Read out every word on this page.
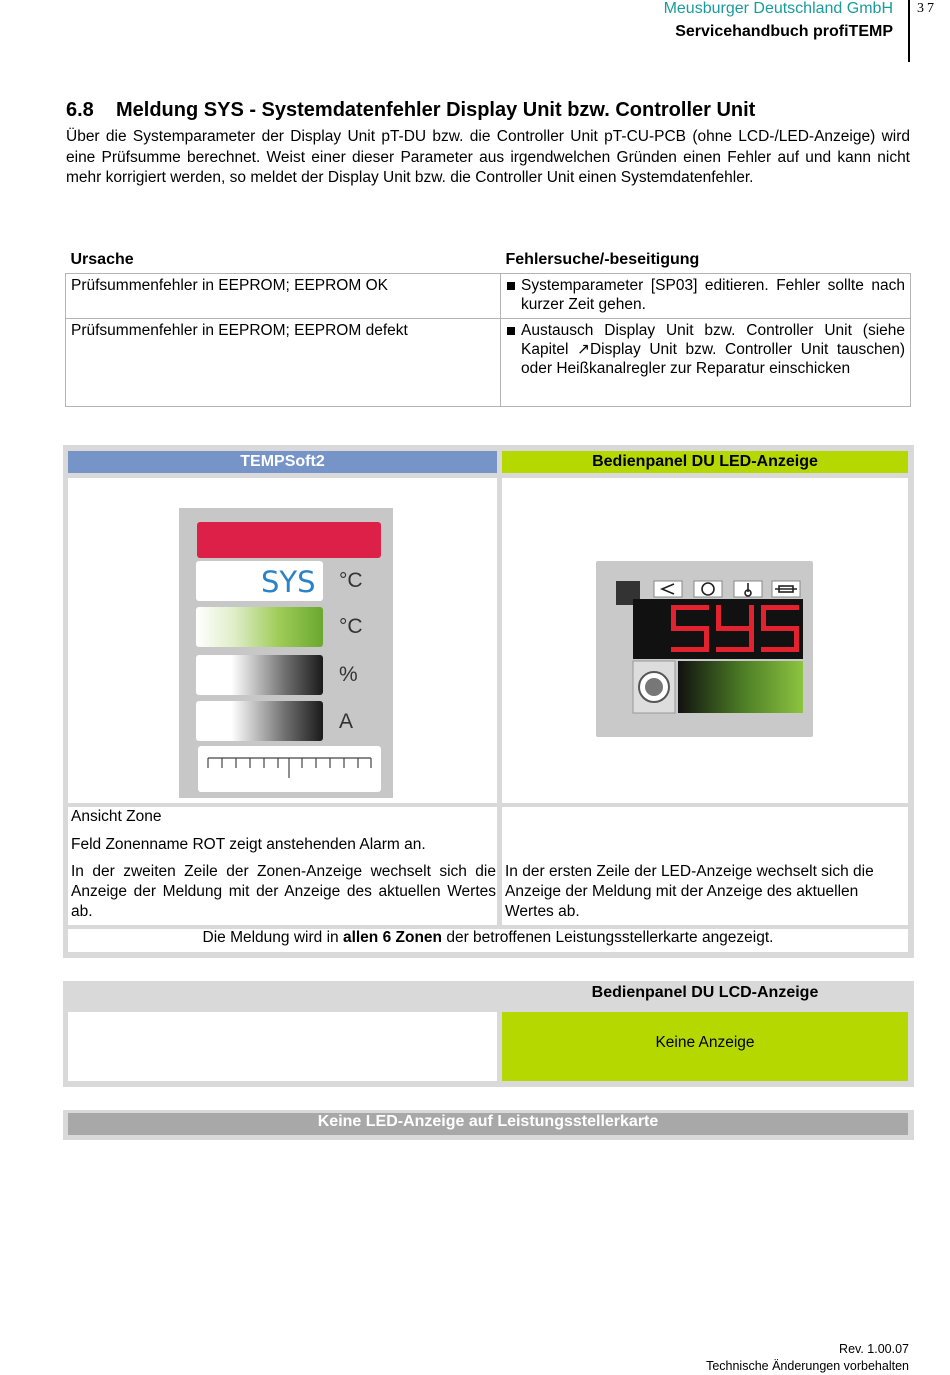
Meusburger Deutschland GmbH
Servicehandbuch profiTEMP
37
6.8 Meldung SYS - Systemdatenfehler Display Unit bzw. Controller Unit
Über die Systemparameter der Display Unit pT-DU bzw. die Controller Unit pT-CU-PCB (ohne LCD-/LED-Anzeige) wird eine Prüfsumme berechnet. Weist einer dieser Parameter aus irgendwelchen Gründen einen Fehler auf und kann nicht mehr korrigiert werden, so meldet der Display Unit bzw. die Controller Unit einen Systemdatenfehler.
Ursache	Fehlersuche/-beseitigung
Prüfsummenfehler in EEPROM; EEPROM OK	Systemparameter [SP03] editieren. Fehler sollte nach kurzer Zeit gehen.

Prüfsummenfehler in EEPROM; EEPROM defekt	Austausch Display Unit bzw. Controller Unit (siehe Kapitel ↗Display Unit bzw. Controller Unit tauschen) oder Heißkanalregler zur Reparatur einschicken
TEMPSoft2	Bedienpanel DU LED-Anzeige
SYS °C
°C
%
A
Ansicht Zone
Feld Zonenname ROT zeigt anstehenden Alarm an.
In der zweiten Zeile der Zonen-Anzeige wechselt sich die Anzeige der Meldung mit der Anzeige des aktuellen Wertes ab.
In der ersten Zeile der LED-Anzeige wechselt sich die Anzeige der Meldung mit der Anzeige des aktuellen Wertes ab.
Die Meldung wird in allen 6 Zonen der betroffenen Leistungsstellerkarte angezeigt.
Bedienpanel DU LCD-Anzeige
Keine Anzeige
Keine LED-Anzeige auf Leistungsstellerkarte
Rev. 1.00.07
Technische Änderungen vorbehalten
